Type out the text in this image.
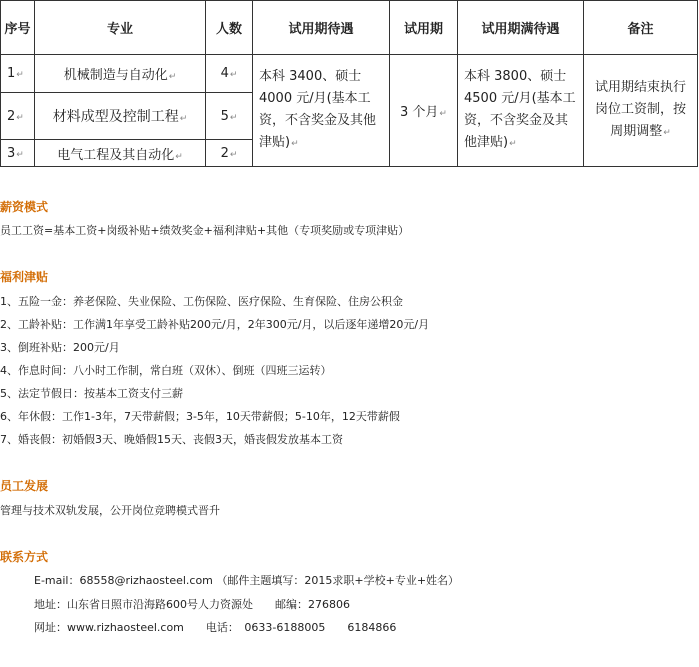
序号	专业	人数	试用期待遇	试用期	试用期满待遇	备注
1↵	机械制造与自动化↵	4↵	本科 3400、硕士 4000 元/月(基本工资，不含奖金及其他津贴)↵	3 个月↵	本科 3800、硕士 4500 元/月(基本工资，不含奖金及其他津贴)↵	试用期结束执行岗位工资制，按周期调整↵
2↵	材料成型及控制工程↵	5↵				
3↵	电气工程及其自动化↵	2↵				
薪资模式
员工工资=基本工资+岗级补贴+绩效奖金+福利津贴+其他（专项奖励或专项津贴）
福利津贴
1、五险一金：养老保险、失业保险、工伤保险、医疗保险、生育保险、住房公积金
2、工龄补贴：工作满1年享受工龄补贴200元/月，2年300元/月，以后逐年递增20元/月
3、倒班补贴：200元/月
4、作息时间：八小时工作制，常白班（双休）、倒班（四班三运转）
5、法定节假日：按基本工资支付三薪
6、年休假：工作1-3年，7天带薪假；3-5年，10天带薪假；5-10年，12天带薪假
7、婚丧假：初婚假3天、晚婚假15天、丧假3天，婚丧假发放基本工资
员工发展
管理与技术双轨发展，公开岗位竞聘模式晋升
联系方式
E-mail：68558@rizhaosteel.com （邮件主题填写：2015求职+学校+专业+姓名）
地址：山东省日照市沿海路600号人力资源处　　邮编：276806
网址：www.rizhaosteel.com　　电话：　0633-6188005　　6184866
